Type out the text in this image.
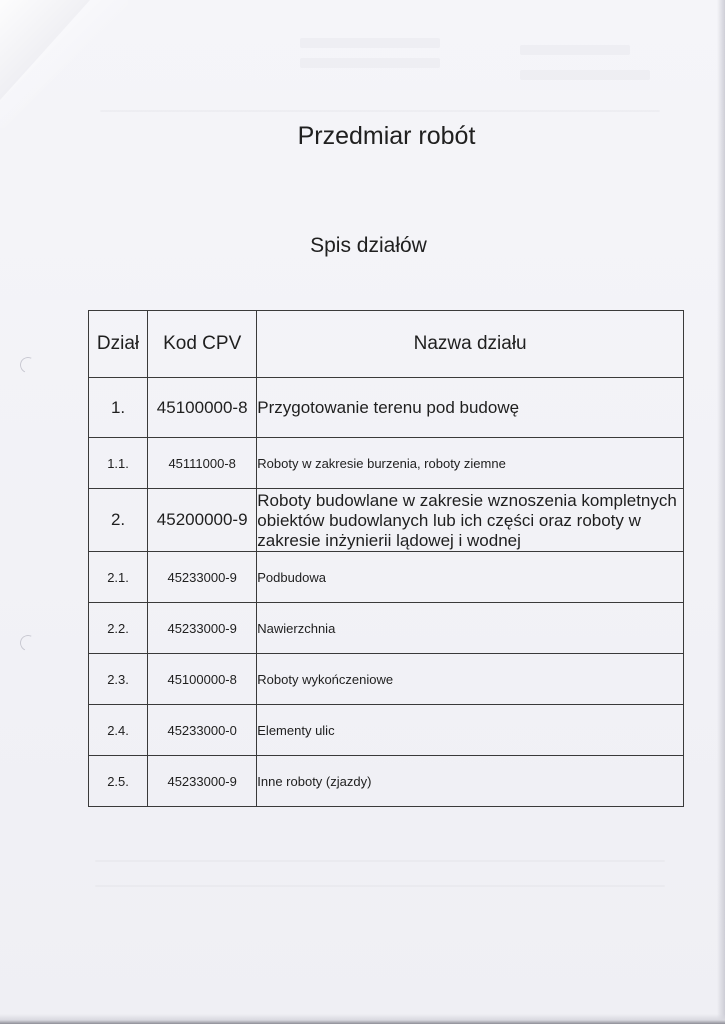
Przedmiar robót
Spis działów
Dział	Kod CPV	Nazwa działu
1.	45100000-8	Przygotowanie terenu pod budowę
1.1.	45111000-8	Roboty w zakresie burzenia, roboty ziemne
2.	45200000-9	Roboty budowlane w zakresie wznoszenia kompletnych obiektów budowlanych lub ich części oraz roboty w zakresie inżynierii lądowej i wodnej
2.1.	45233000-9	Podbudowa
2.2.	45233000-9	Nawierzchnia
2.3.	45100000-8	Roboty wykończeniowe
2.4.	45233000-0	Elementy ulic
2.5.	45233000-9	Inne roboty (zjazdy)
